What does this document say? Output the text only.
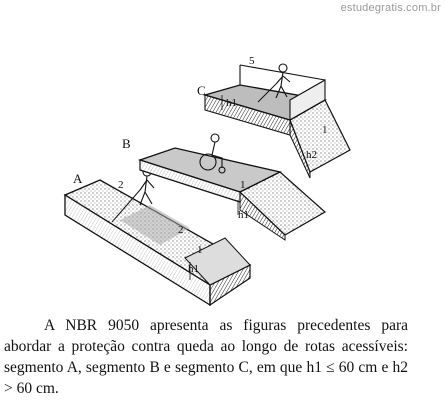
estudegratis.com.br
A	2
2
1
h1
B
1
h1
C
5
h1
1
h2
A NBR 9050 apresenta as figuras precedentes para abordar a proteção contra queda ao longo de rotas acessíveis: segmento A, segmento B e segmento C, em que h1 ≤ 60 cm e h2 > 60 cm.
